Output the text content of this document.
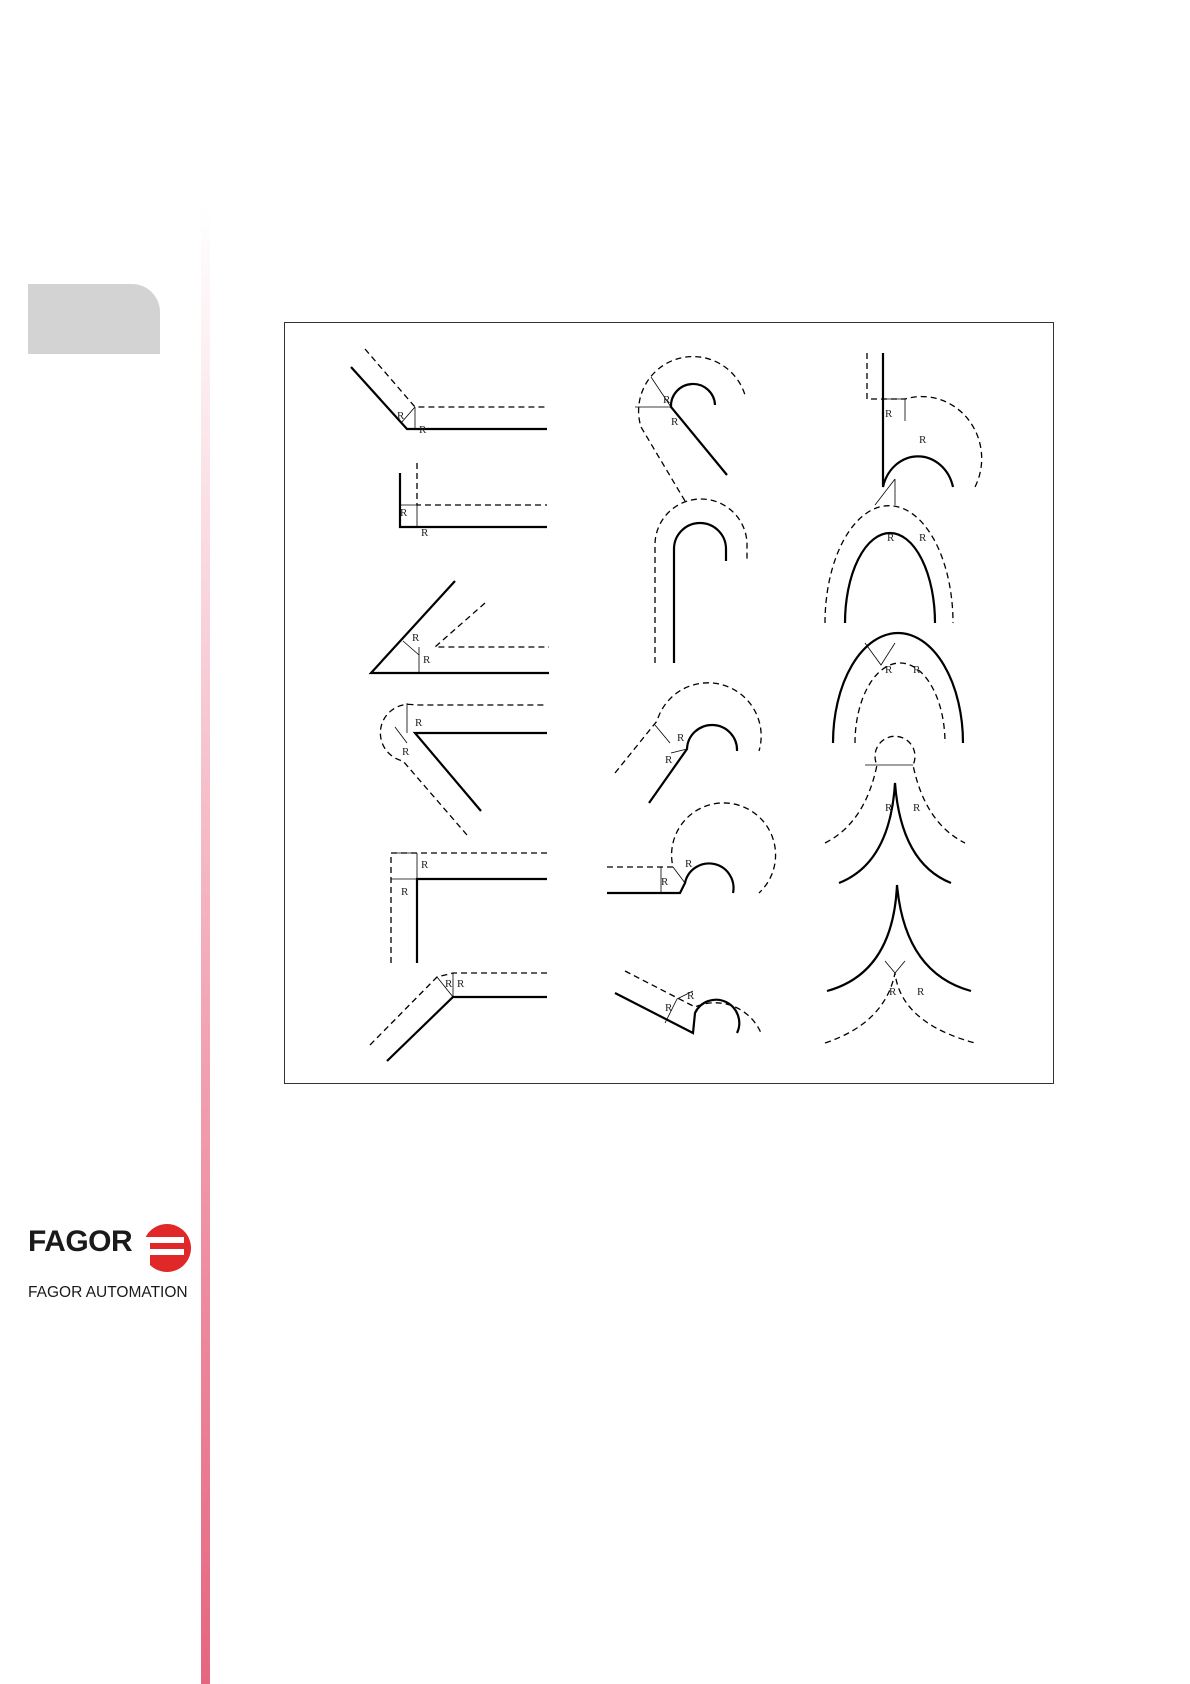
FAGOR
FAGOR AUTOMATION
R
R
R
R
R
R
R
R
R
R
R R
R
R
R
R
R R
R R
R
R
R
R
R
R
R R
R R
